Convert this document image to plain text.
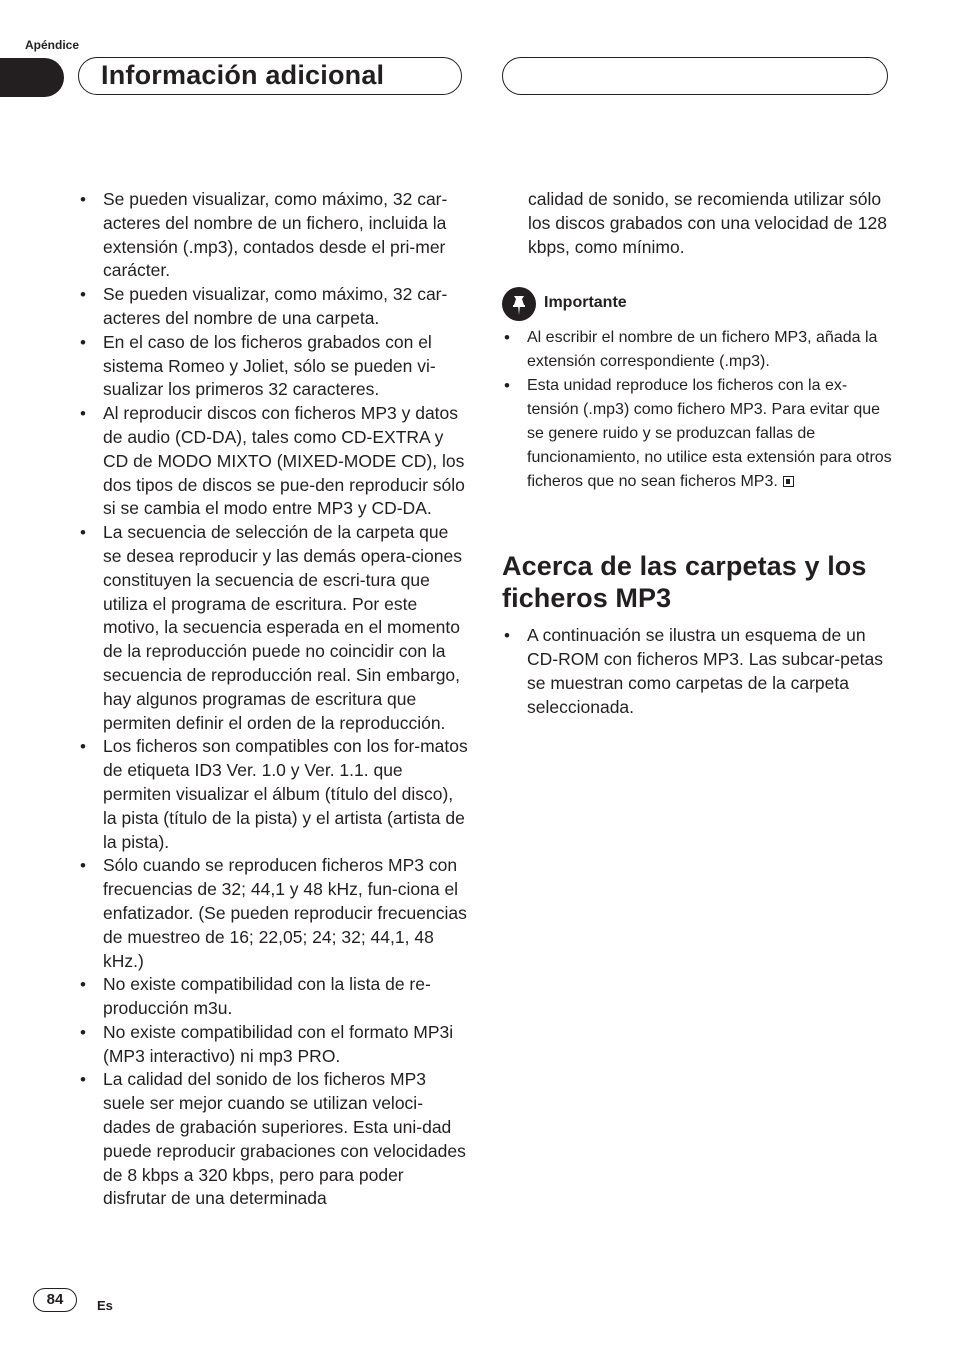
Apéndice
Información adicional
• Se pueden visualizar, como máximo, 32 car-acteres del nombre de un fichero, incluida la extensión (.mp3), contados desde el pri-mer carácter.
• Se pueden visualizar, como máximo, 32 car-acteres del nombre de una carpeta.
• En el caso de los ficheros grabados con el sistema Romeo y Joliet, sólo se pueden vi-sualizar los primeros 32 caracteres.
• Al reproducir discos con ficheros MP3 y datos de audio (CD-DA), tales como CD-EXTRA y CD de MODO MIXTO (MIXED-MODE CD), los dos tipos de discos se pue-den reproducir sólo si se cambia el modo entre MP3 y CD-DA.
• La secuencia de selección de la carpeta que se desea reproducir y las demás opera-ciones constituyen la secuencia de escri-tura que utiliza el programa de escritura. Por este motivo, la secuencia esperada en el momento de la reproducción puede no coincidir con la secuencia de reproducción real. Sin embargo, hay algunos programas de escritura que permiten definir el orden de la reproducción.
• Los ficheros son compatibles con los for-matos de etiqueta ID3 Ver. 1.0 y Ver. 1.1. que permiten visualizar el álbum (título del disco), la pista (título de la pista) y el artista (artista de la pista).
• Sólo cuando se reproducen ficheros MP3 con frecuencias de 32; 44,1 y 48 kHz, fun-ciona el enfatizador. (Se pueden reproducir frecuencias de muestreo de 16; 22,05; 24; 32; 44,1, 48 kHz.)
• No existe compatibilidad con la lista de re-producción m3u.
• No existe compatibilidad con el formato MP3i (MP3 interactivo) ni mp3 PRO.
• La calidad del sonido de los ficheros MP3 suele ser mejor cuando se utilizan veloci-dades de grabación superiores. Esta uni-dad puede reproducir grabaciones con velocidades de 8 kbps a 320 kbps, pero para poder disfrutar de una determinada
calidad de sonido, se recomienda utilizar sólo los discos grabados con una velocidad de 128 kbps, como mínimo.
Importante
• Al escribir el nombre de un fichero MP3, añada la extensión correspondiente (.mp3).
• Esta unidad reproduce los ficheros con la ex-tensión (.mp3) como fichero MP3. Para evitar que se genere ruido y se produzcan fallas de funcionamiento, no utilice esta extensión para otros ficheros que no sean ficheros MP3.
Acerca de las carpetas y los ficheros MP3
• A continuación se ilustra un esquema de un CD-ROM con ficheros MP3. Las subcar-petas se muestran como carpetas de la carpeta seleccionada.
84	Es
